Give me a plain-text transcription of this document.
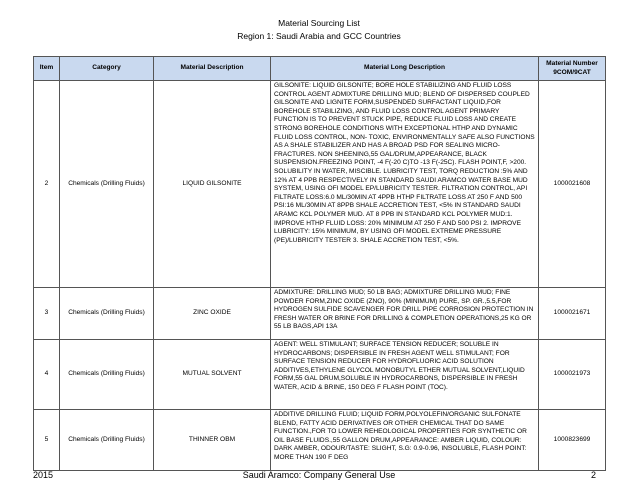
Material Sourcing List
Region 1: Saudi Arabia and GCC Countries
Item	Category	Material Description	Material Long Description	Material Number 9COM/9CAT
2	Chemicals (Drilling Fluids)	LIQUID GILSONITE	GILSONITE: LIQUID GILSONITE; BORE HOLE STABILIZING AND FLUID LOSS CONTROL AGENT ADMIXTURE DRILLING MUD; BLEND OF DISPERSED COUPLED GILSONITE AND LIGNITE FORM,SUSPENDED SURFACTANT LIQUID,FOR BOREHOLE STABILIZING, AND FLUID LOSS CONTROL AGENT PRIMARY FUNCTION IS TO PREVENT STUCK PIPE, REDUCE FLUID LOSS AND CREATE STRONG BOREHOLE CONDITIONS WITH EXCEPTIONAL HTHP AND DYNAMIC FLUID LOSS CONTROL, NON- TOXIC, ENVIRONMENTALLY SAFE ALSO FUNCTIONS AS A SHALE STABILIZER AND HAS A BROAD PSD FOR SEALING MICRO- FRACTURES. NON SHEENING,55 GAL/DRUM,APPEARANCE, BLACK SUSPENSION.FREEZING POINT, -4 F(-20 C)TO -13 F(-25C). FLASH POINT,F, >200. SOLUBILITY IN WATER, MISCIBLE. LUBRICITY TEST, TORQ REDUCTION :5% AND 12% AT 4 PPB RESPECTIVELY IN STANDARD SAUDI ARAMCO WATER BASE MUD SYSTEM, USING OFI MODEL EP/LUBRICITY TESTER. FILTRATION CONTROL, API FILTRATE LOSS:6.0 ML/30MIN AT 4PPB HTHP FILTRATE LOSS AT 250 F AND 500 PSI:16 ML/30MIN AT 8PPB SHALE ACCRETION TEST, <5% IN STANDARD SAUDI ARAMC KCL POLYMER MUD. AT 8 PPB IN STANDARD KCL POLYMER MUD:1. IMPROVE HTHP FLUID LOSS: 20% MINIMUM AT 250 F AND 500 PSI 2. IMPROVE LUBRICITY: 15% MINIMUM, BY USING OFI MODEL EXTREME PRESSURE (PE)/LUBRICITY TESTER 3. SHALE ACCRETION TEST, <5%.	1000021608
3	Chemicals (Drilling Fluids)	ZINC OXIDE	ADMIXTURE: DRILLING MUD; 50 LB BAG; ADMIXTURE DRILLING MUD; FINE POWDER FORM,ZINC OXIDE (ZNO), 90% (MINIMUM) PURE, SP. GR.,5.5,FOR HYDROGEN SULFIDE SCAVENGER FOR DRILL PIPE CORROSION PROTECTION IN FRESH WATER OR BRINE FOR DRILLING & COMPLETION OPERATIONS,25 KG OR 55 LB BAGS,API 13A	1000021671
4	Chemicals (Drilling Fluids)	MUTUAL SOLVENT	AGENT: WELL STIMULANT; SURFACE TENSION REDUCER; SOLUBLE IN HYDROCARBONS; DISPERSIBLE IN FRESH AGENT WELL STIMULANT; FOR SURFACE TENSION REDUCER FOR HYDROFLUORIC ACID SOLUTION ADDITIVES,ETHYLENE GLYCOL MONOBUTYL ETHER MUTUAL SOLVENT,LIQUID FORM,55 GAL DRUM,SOLUBLE IN HYDROCARBONS, DISPERSIBLE IN FRESH WATER, ACID & BRINE, 150 DEG F FLASH POINT (TOC).	1000021973
5	Chemicals (Drilling Fluids)	THINNER OBM	ADDITIVE DRILLING FLUID; LIQUID FORM,POLYOLEFIN/ORGANIC SULFONATE BLEND, FATTY ACID DERIVATIVES OR OTHER CHEMICAL THAT DO SAME FUNCTION.,FOR TO LOWER REHEOLOGICAL PROPERTIES FOR SYNTHETIC OR OIL BASE FLUIDS.,55 GALLON DRUM,APPEARANCE: AMBER LIQUID, COLOUR: DARK AMBER, ODOUR/TASTE: SLIGHT, S.G: 0.9-0.96, INSOLUBLE, FLASH POINT: MORE THAN 190 F DEG	1000823699
2015	Saudi Aramco: Company General Use	2
